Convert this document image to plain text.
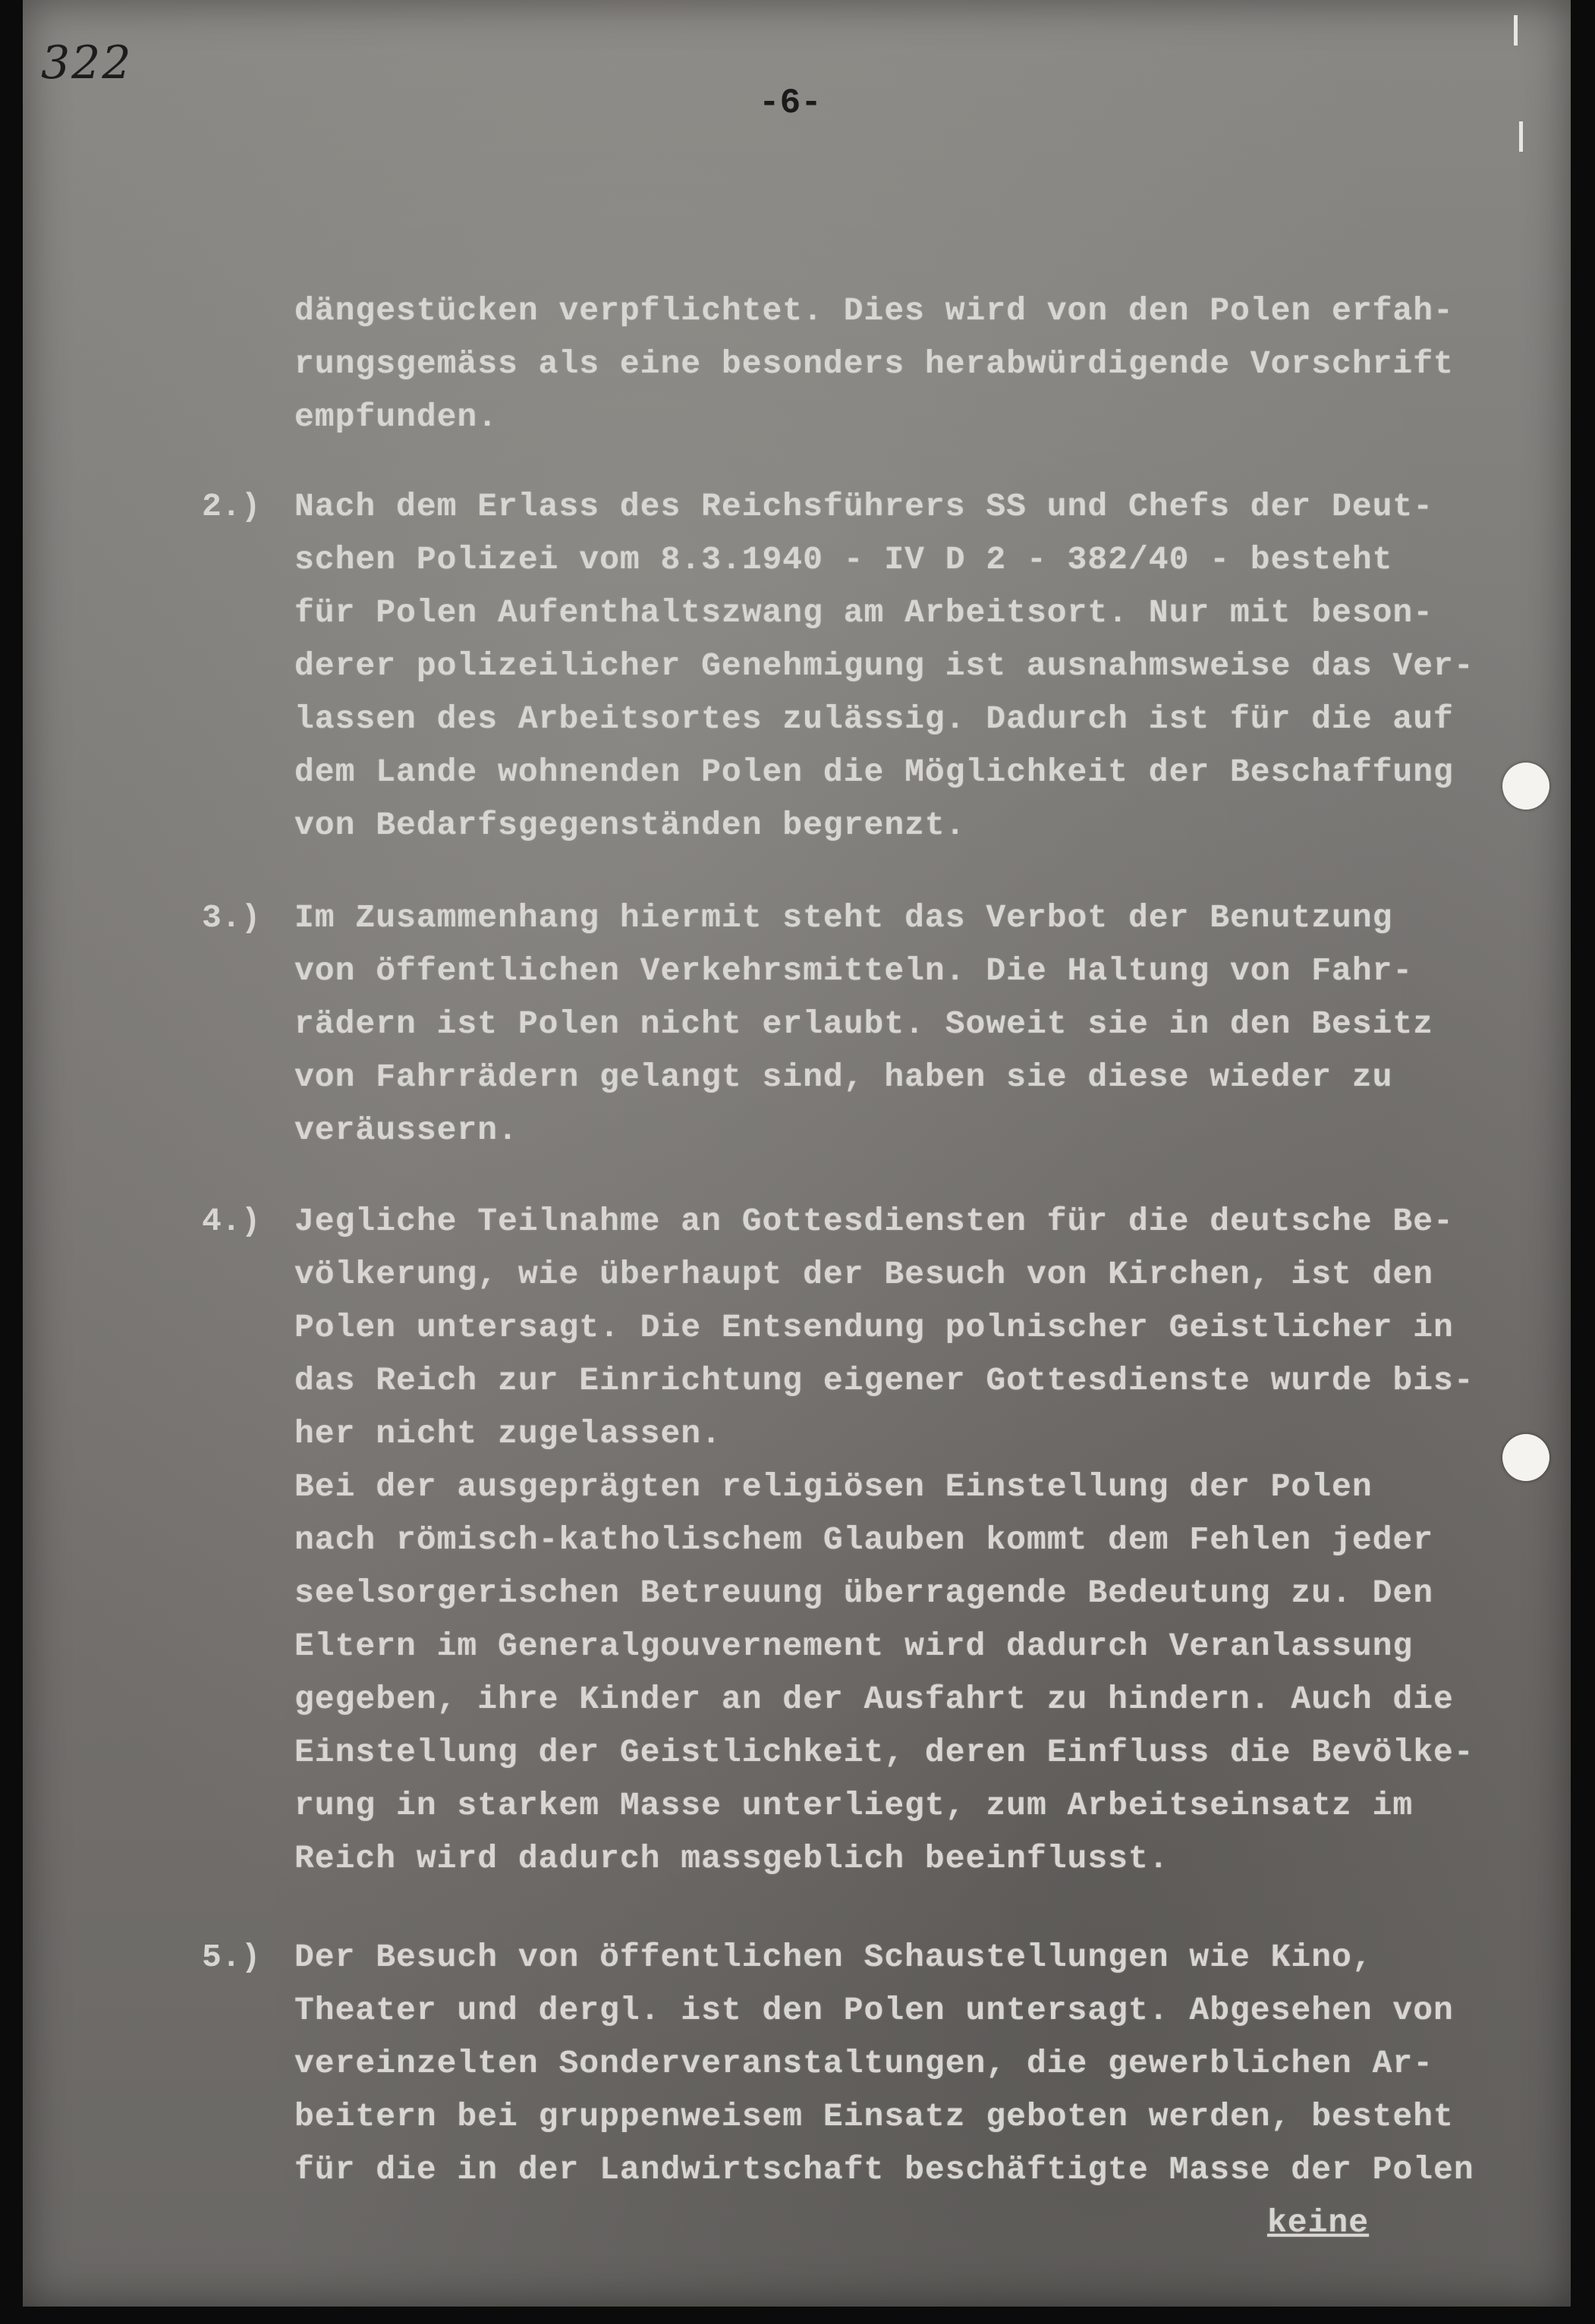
322
-6-
dängestücken verpflichtet. Dies wird von den Polen erfah-
rungsgemäss als eine besonders herabwürdigende Vorschrift
empfunden.
2.) Nach dem Erlass des Reichsführers SS und Chefs der Deut-
schen Polizei vom 8.3.1940 - IV D 2 - 382/40 - besteht
für Polen Aufenthaltszwang am Arbeitsort. Nur mit beson-
derer polizeilicher Genehmigung ist ausnahmsweise das Ver-
lassen des Arbeitsortes zulässig. Dadurch ist für die auf
dem Lande wohnenden Polen die Möglichkeit der Beschaffung
von Bedarfsgegenständen begrenzt.
3.) Im Zusammenhang hiermit steht das Verbot der Benutzung
von öffentlichen Verkehrsmitteln. Die Haltung von Fahr-
rädern ist Polen nicht erlaubt. Soweit sie in den Besitz
von Fahrrädern gelangt sind, haben sie diese wieder zu
veräussern.
4.) Jegliche Teilnahme an Gottesdiensten für die deutsche Be-
völkerung, wie überhaupt der Besuch von Kirchen, ist den
Polen untersagt. Die Entsendung polnischer Geistlicher in
das Reich zur Einrichtung eigener Gottesdienste wurde bis-
her nicht zugelassen.
Bei der ausgeprägten religiösen Einstellung der Polen
nach römisch-katholischem Glauben kommt dem Fehlen jeder
seelsorgerischen Betreuung überragende Bedeutung zu. Den
Eltern im Generalgouvernement wird dadurch Veranlassung
gegeben, ihre Kinder an der Ausfahrt zu hindern. Auch die
Einstellung der Geistlichkeit, deren Einfluss die Bevölke-
rung in starkem Masse unterliegt, zum Arbeitseinsatz im
Reich wird dadurch massgeblich beeinflusst.
5.) Der Besuch von öffentlichen Schaustellungen wie Kino,
Theater und dergl. ist den Polen untersagt. Abgesehen von
vereinzelten Sonderveranstaltungen, die gewerblichen Ar-
beitern bei gruppenweisem Einsatz geboten werden, besteht
für die in der Landwirtschaft beschäftigte Masse der Polen
keine
